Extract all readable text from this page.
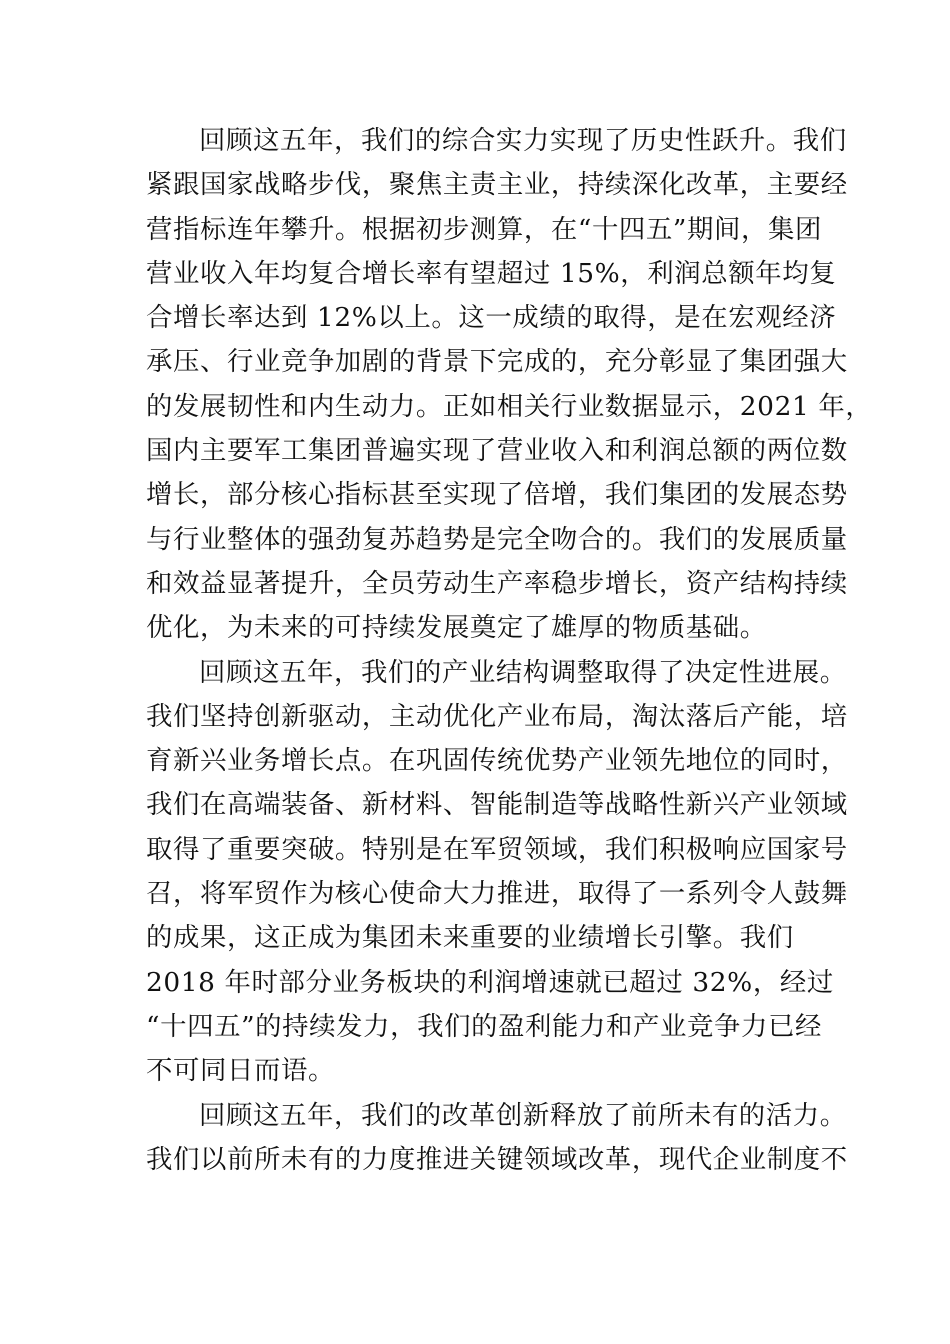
回顾这五年，我们的综合实力实现了历史性跃升。我们
紧跟国家战略步伐，聚焦主责主业，持续深化改革，主要经
营指标连年攀升。根据初步测算，在“十四五”期间，集团
营业收入年均复合增长率有望超过 15%，利润总额年均复
合增长率达到 12%以上。这一成绩的取得，是在宏观经济
承压、行业竞争加剧的背景下完成的，充分彰显了集团强大
的发展韧性和内生动力。正如相关行业数据显示，2021 年，
国内主要军工集团普遍实现了营业收入和利润总额的两位数
增长，部分核心指标甚至实现了倍增，我们集团的发展态势
与行业整体的强劲复苏趋势是完全吻合的。我们的发展质量
和效益显著提升，全员劳动生产率稳步增长，资产结构持续
优化，为未来的可持续发展奠定了雄厚的物质基础。
回顾这五年，我们的产业结构调整取得了决定性进展。
我们坚持创新驱动，主动优化产业布局，淘汰落后产能，培
育新兴业务增长点。在巩固传统优势产业领先地位的同时，
我们在高端装备、新材料、智能制造等战略性新兴产业领域
取得了重要突破。特别是在军贸领域，我们积极响应国家号
召，将军贸作为核心使命大力推进，取得了一系列令人鼓舞
的成果，这正成为集团未来重要的业绩增长引擎。我们
2018 年时部分业务板块的利润增速就已超过 32%，经过
“十四五”的持续发力，我们的盈利能力和产业竞争力已经
不可同日而语。
回顾这五年，我们的改革创新释放了前所未有的活力。
我们以前所未有的力度推进关键领域改革，现代企业制度不
